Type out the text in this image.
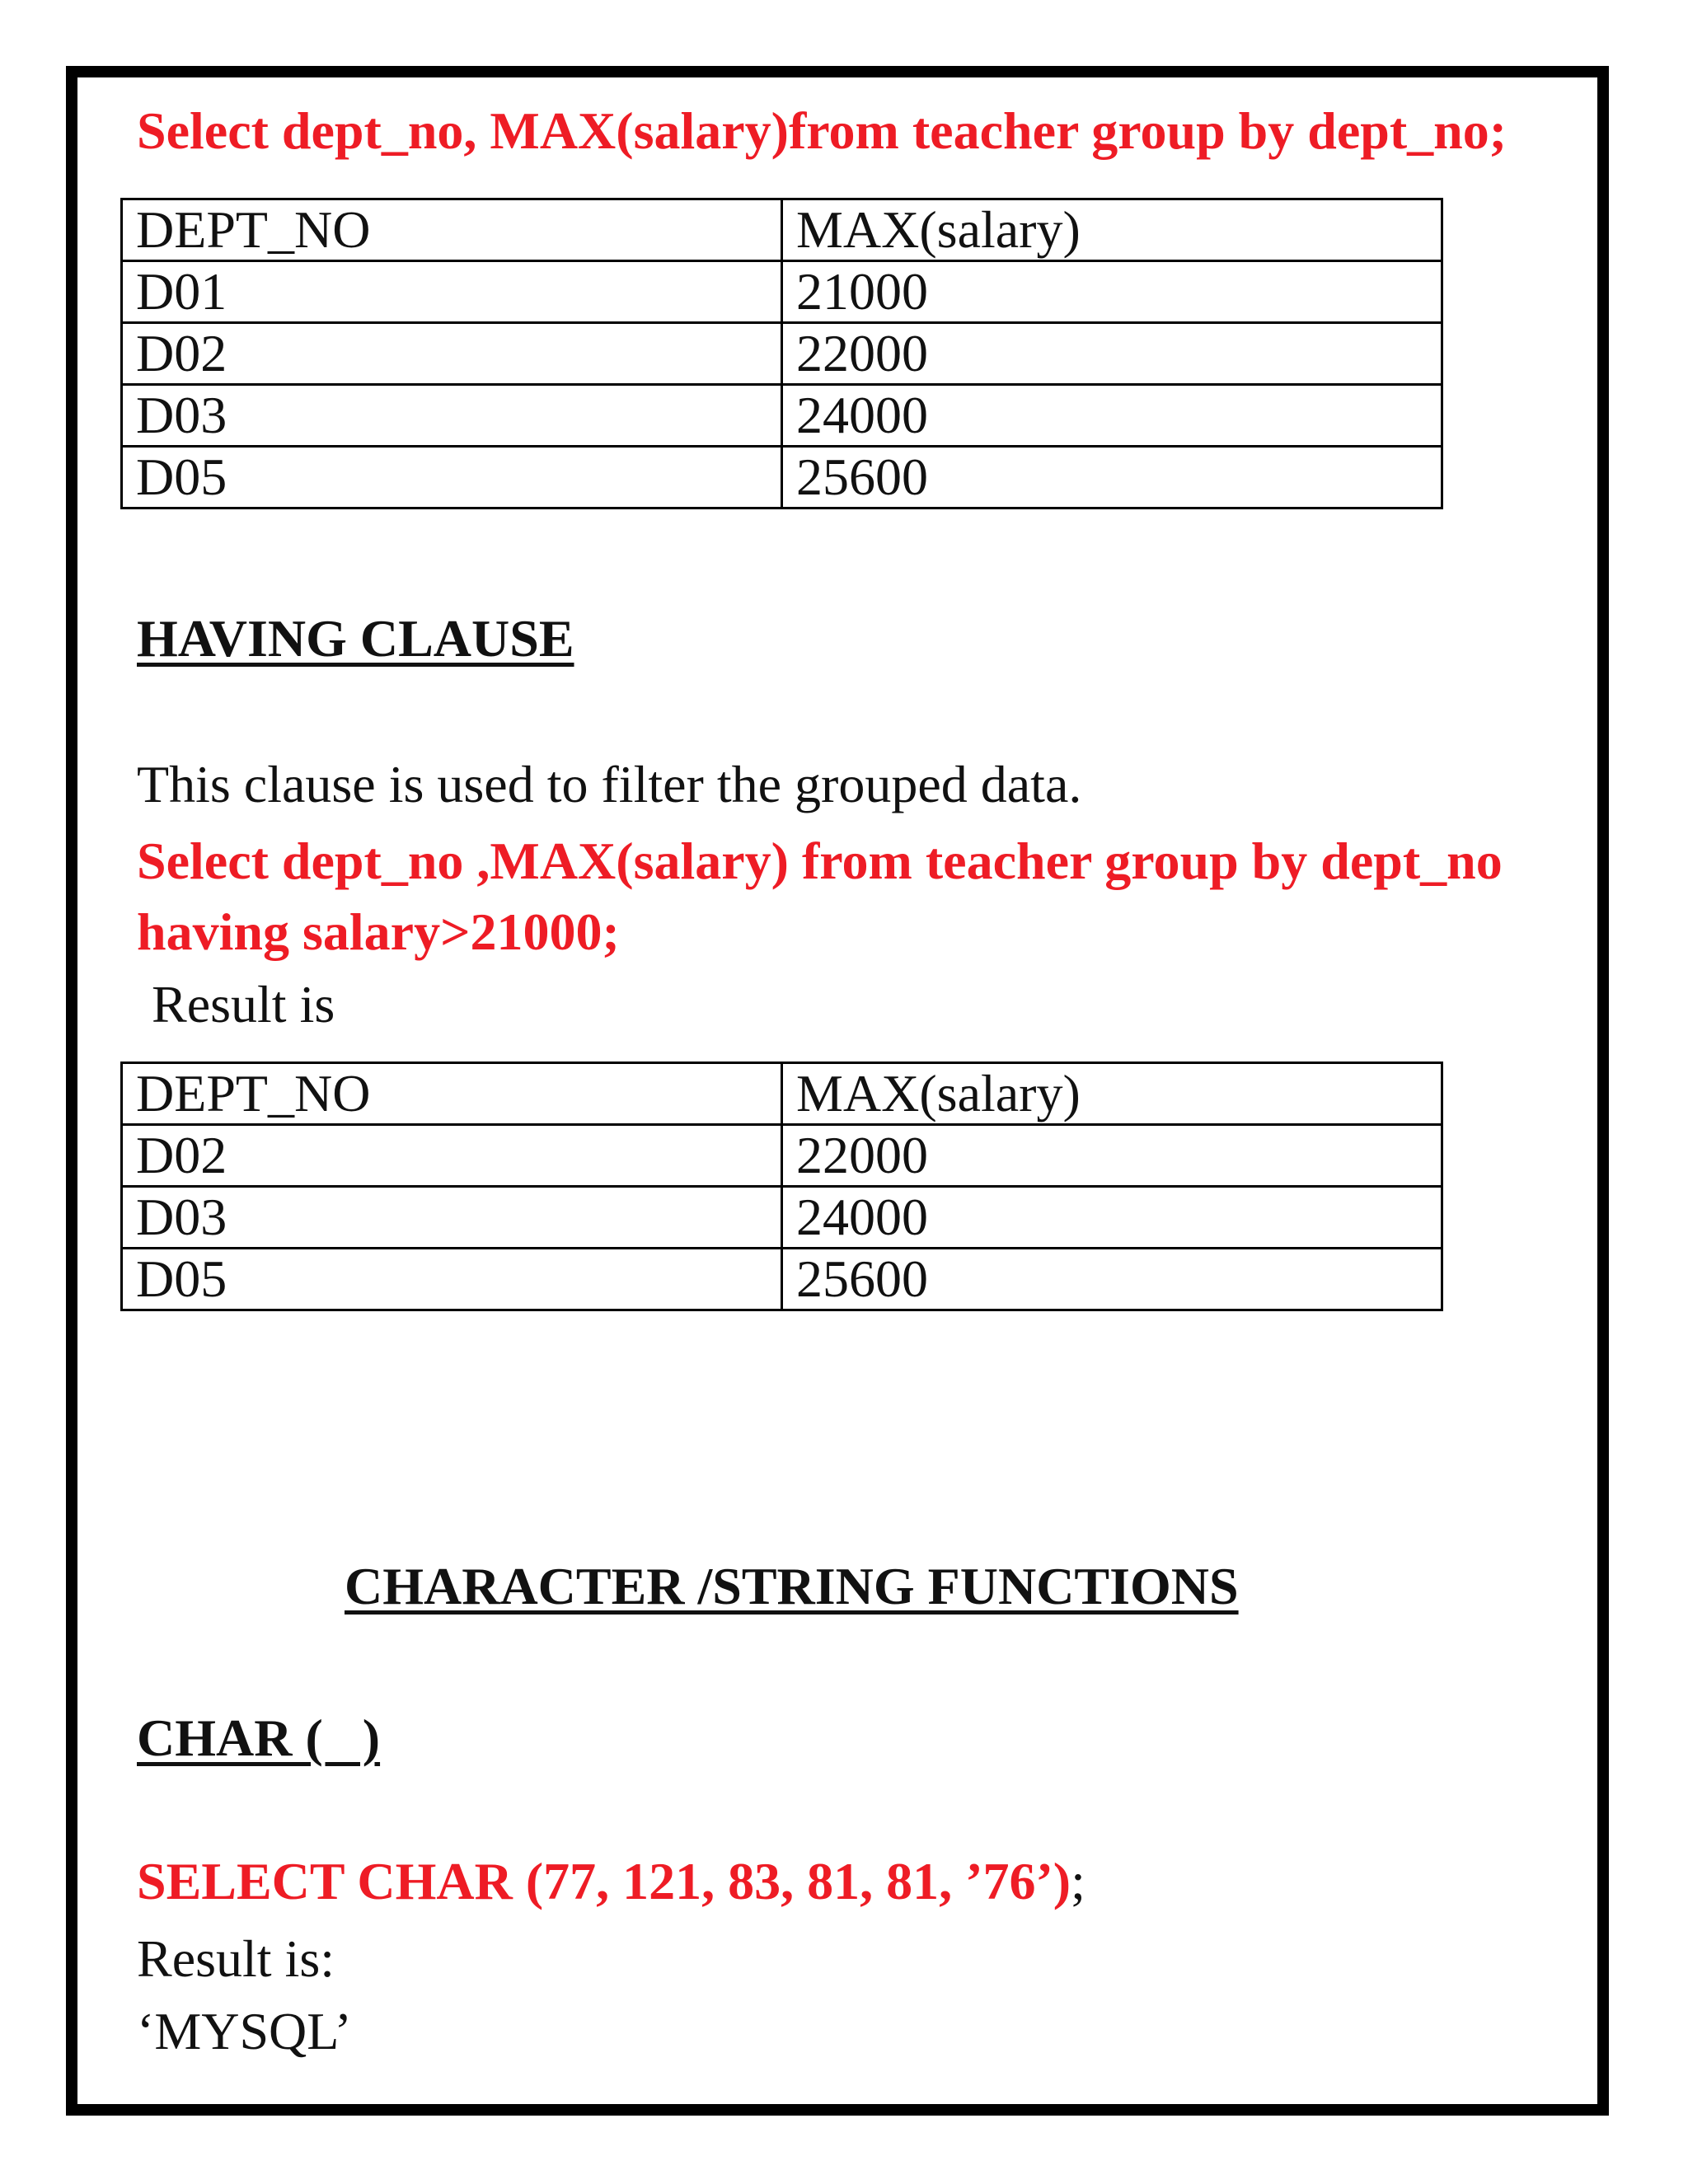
Select dept_no, MAX(salary)from teacher group by dept_no;
DEPT_NO	MAX(salary)
D01	21000
D02	22000
D03	24000
D05	25600
HAVING CLAUSE
This clause is used to filter the grouped data.
Select dept_no ,MAX(salary) from teacher group by dept_no
having salary>21000;
Result is
DEPT_NO	MAX(salary)
D02	22000
D03	24000
D05	25600
CHARACTER /STRING FUNCTIONS
CHAR (   )
SELECT CHAR (77, 121, 83, 81, 81, ’76’);
Result is:
‘MYSQL’
